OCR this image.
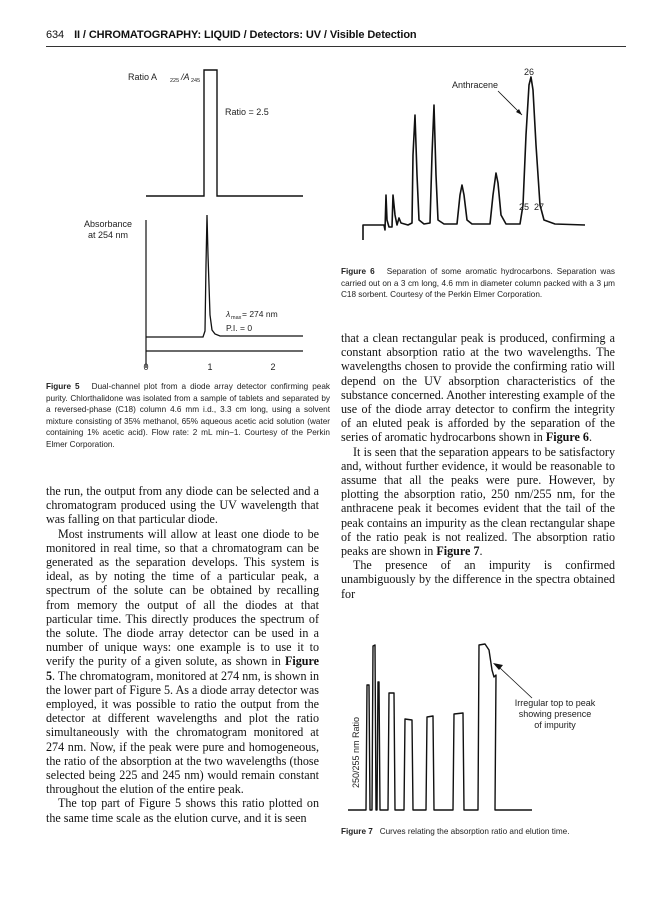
634 II / CHROMATOGRAPHY: LIQUID / Detectors: UV / Visible Detection
Ratio A 225 /A 245
Ratio = 2.5
Absorbance
at 254 nm
λ max = 274 nm
P.I. = 0
0	1	2
Figure 5 Dual-channel plot from a diode array detector confirming peak purity. Chlorthalidone was isolated from a sample of tablets and separated by a reversed-phase (C18) column 4.6 mm i.d., 3.3 cm long, using a solvent mixture consisting of 35% methanol, 65% aqueous acetic acid solution (water containing 1% acetic acid). Flow rate: 2 mL min−1. Courtesy of the Perkin Elmer Corporation.
26
Anthracene
25 27
Figure 6 Separation of some aromatic hydrocarbons. Separation was carried out on a 3 cm long, 4.6 mm in diameter column packed with a 3 μm C18 sorbent. Courtesy of the Perkin Elmer Corporation.

the run, the output from any diode can be selected and a chromatogram produced using the UV wavelength that was falling on that particular diode.

Most instruments will allow at least one diode to be monitored in real time, so that a chromatogram can be generated as the separation develops. This system is ideal, as by noting the time of a particular peak, a spectrum of the solute can be obtained by recalling from memory the output of all the diodes at that particular time. This directly produces the spectrum of the solute. The diode array detector can be used in a number of unique ways: one example is to use it to verify the purity of a given solute, as shown in Figure 5. The chromatogram, monitored at 274 nm, is shown in the lower part of Figure 5. As a diode array detector was employed, it was possible to ratio the output from the detector at different wavelengths and plot the ratio simultaneously with the chromatogram monitored at 274 nm. Now, if the peak were pure and homogeneous, the ratio of the absorption at the two wavelengths (those selected being 225 and 245 nm) would remain constant throughout the elution of the entire peak.

The top part of Figure 5 shows this ratio plotted on the same time scale as the elution curve, and it is seen

that a clean rectangular peak is produced, confirming a constant absorption ratio at the two wavelengths. The wavelengths chosen to provide the confirming ratio will depend on the UV absorption characteristics of the substance concerned. Another interesting example of the use of the diode array detector to confirm the integrity of an eluted peak is afforded by the separation of the series of aromatic hydrocarbons shown in Figure 6.

It is seen that the separation appears to be satisfactory and, without further evidence, it would be reasonable to assume that all the peaks were pure. However, by plotting the absorption ratio, 250 nm/255 nm, for the anthracene peak it becomes evident that the tail of the peak contains an impurity as the clean rectangular shape of the ratio peak is not realized. The absorption ratio peaks are shown in Figure 7.

The presence of an impurity is confirmed unambiguously by the difference in the spectra obtained for

250/255 nm Ratio
Irregular top to peak
showing presence
of impurity
Figure 7 Curves relating the absorption ratio and elution time.
